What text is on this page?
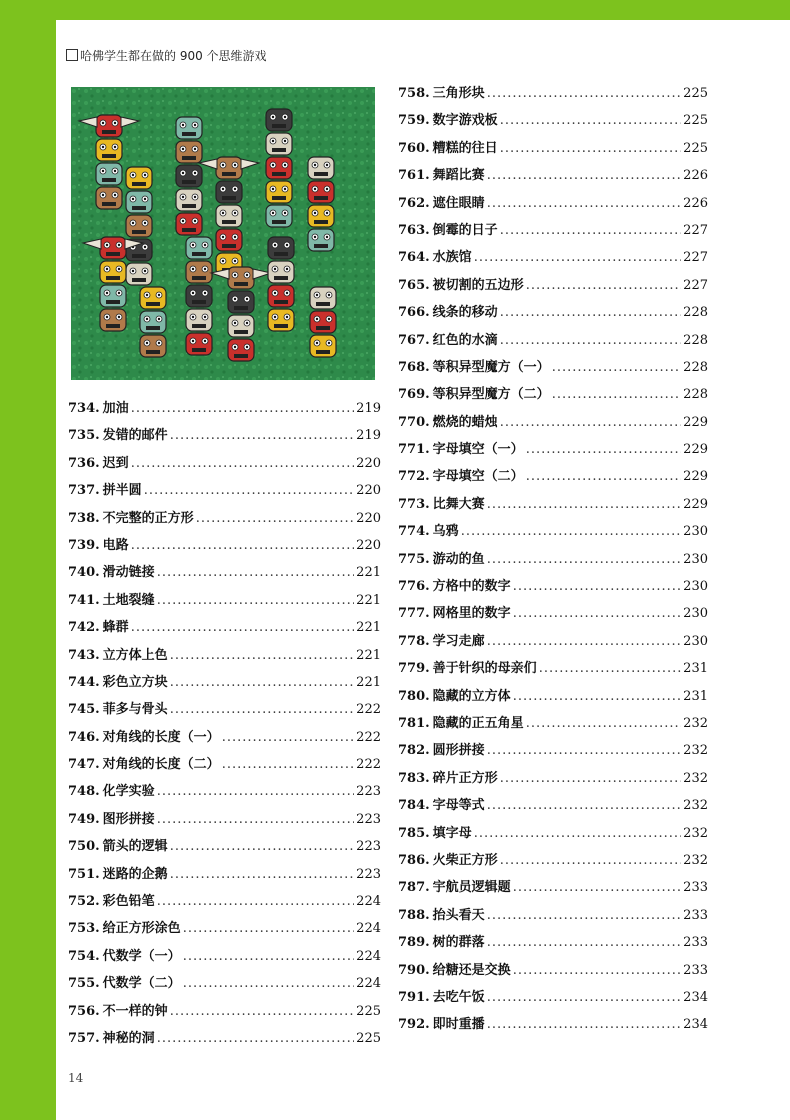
哈佛学生都在做的 900 个思维游戏
734. 加油 .....	219
735. 发错的邮件 .....	219
736. 迟到 .....	220
737. 拼半圆 .....	220
738. 不完整的正方形 .....	220
739. 电路 .....	220
740. 滑动链接 .....	221
741. 土地裂缝 .....	221
742. 蜂群 .....	221
743. 立方体上色 .....	221
744. 彩色立方块 .....	221
745. 菲多与骨头 .....	222
746. 对角线的长度（一） .....	222
747. 对角线的长度（二） .....	222
748. 化学实验 .....	223
749. 图形拼接 .....	223
750. 箭头的逻辑 .....	223
751. 迷路的企鹅 .....	223
752. 彩色铅笔 .....	224
753. 给正方形涂色 .....	224
754. 代数学（一） .....	224
755. 代数学（二） .....	224
756. 不一样的钟 .....	225
757. 神秘的洞 .....	225
758. 三角形块 .....	225
759. 数字游戏板 .....	225
760. 糟糕的往日 .....	225
761. 舞蹈比赛 .....	226
762. 遮住眼睛 .....	226
763. 倒霉的日子 .....	227
764. 水族馆 .....	227
765. 被切割的五边形 .....	227
766. 线条的移动 .....	228
767. 红色的水滴 .....	228
768. 等积异型魔方（一） .....	228
769. 等积异型魔方（二） .....	228
770. 燃烧的蜡烛 .....	229
771. 字母填空（一） .....	229
772. 字母填空（二） .....	229
773. 比舞大赛 .....	229
774. 乌鸦 .....	230
775. 游动的鱼 .....	230
776. 方格中的数字 .....	230
777. 网格里的数字 .....	230
778. 学习走廊 .....	230
779. 善于针织的母亲们 .....	231
780. 隐藏的立方体 .....	231
781. 隐藏的正五角星 .....	232
782. 圆形拼接 .....	232
783. 碎片正方形 .....	232
784. 字母等式 .....	232
785. 填字母 .....	232
786. 火柴正方形 .....	232
787. 宇航员逻辑题 .....	233
788. 抬头看天 .....	233
789. 树的群落 .....	233
790. 给糖还是交换 .....	233
791. 去吃午饭 .....	234
792. 即时重播 .....	234
14
